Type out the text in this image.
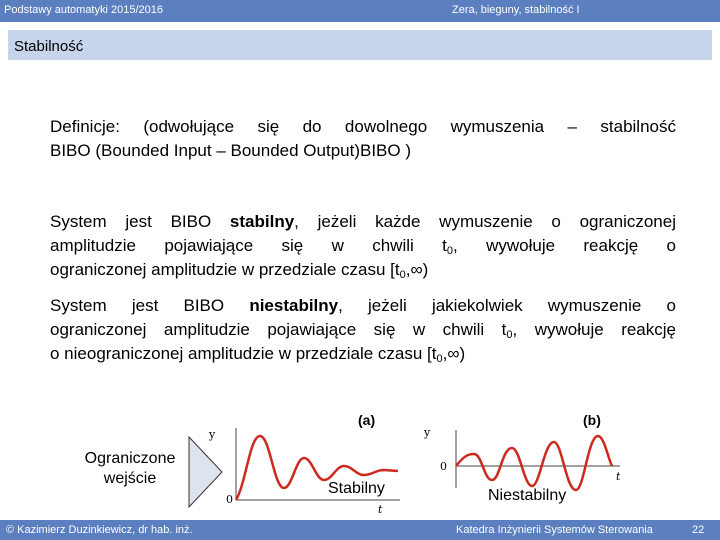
Podstawy automatyki 2015/2016	Zera, bieguny, stabilność I
Stabilność
Definicje: (odwołujące się do dowolnego wymuszenia – stabilność
BIBO (Bounded Input – Bounded Output)BIBO )
System jest BIBO stabilny, jeżeli każde wymuszenie o ograniczonej
amplitudzie pojawiające się w chwili $t_0$, wywołuje reakcję o
ograniczonej amplitudzie w przedziale czasu $[t_0,\infty)$
System jest BIBO niestabilny, jeżeli jakiekolwiek wymuszenie o
ograniczonej amplitudzie pojawiające się w chwili $t_0$, wywołuje reakcję
o nieograniczonej amplitudzie w przedziale czasu $[t_0,\infty)$
Ograniczone
wejście
y
t
0
(a)
Stabilny
y
t
0
(b)
Niestabilny
© Kazimierz Duzinkiewicz, dr hab. inż.	Katedra Inżynierii Systemów Sterowania	22
